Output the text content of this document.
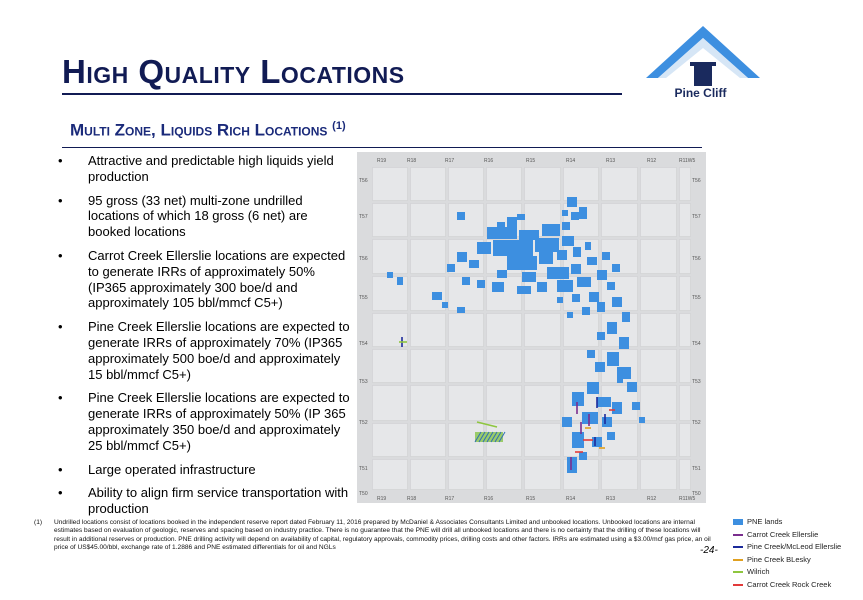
High Quality Locations
Pine Cliff
Multi Zone, Liquids Rich Locations $^{(1)}$
• Attractive and predictable high liquids yield production
• 95 gross (33 net) multi-zone undrilled locations of which 18 gross (6 net) are booked locations
• Carrot Creek Ellerslie locations are expected to generate IRRs of approximately 50% (IP365 approximately 300 boe/d and approximately 105 bbl/mmcf C5+)
• Pine Creek Ellerslie locations are expected to generate IRRs of approximately 70% (IP365 approximately 500 boe/d and approximately 15 bbl/mmcf C5+)
• Pine Creek Ellerslie locations are expected to generate IRRs of approximately 50% (IP 365 approximately 350 boe/d and approximately 25 bbl/mmcf C5+)
• Large operated infrastructure
• Ability to align firm service transportation with production
R19	R18	R17	R16	R15	R14	R13	R12	R11W5
R19	R18	R17	R16	R15	R14	R13	R12	R11W5
T56	T56
T57	T57
T56	T56
T55	T55
T54	T54
T53	T53
T52	T52
T51	T51
T50	T50
PNE lands
Carrot Creek Ellerslie
Pine Creek/McLeod Ellerslie
Pine Creek BLesky
Wilrich
Carrot Creek Rock Creek
(1) Undrilled locations consist of locations booked in the independent reserve report dated February 11, 2016 prepared by McDaniel & Associates Consultants Limited and unbooked locations. Unbooked locations are internal estimates based on evaluation of geologic, reserves and spacing based on industry practice. There is no guarantee that the PNE will drill all unbooked locations and there is no certainty that the drilling of these locations will result in additional reserves or production. PNE drilling activity will depend on availability of capital, regulatory approvals, commodity prices, drilling costs and other factors. IRRs are estimated using a $3.00/mcf gas price, an oil price of US$45.00/bbl, exchange rate of 1.2886 and PNE estimated differentials for oil and NGLs	-24-
